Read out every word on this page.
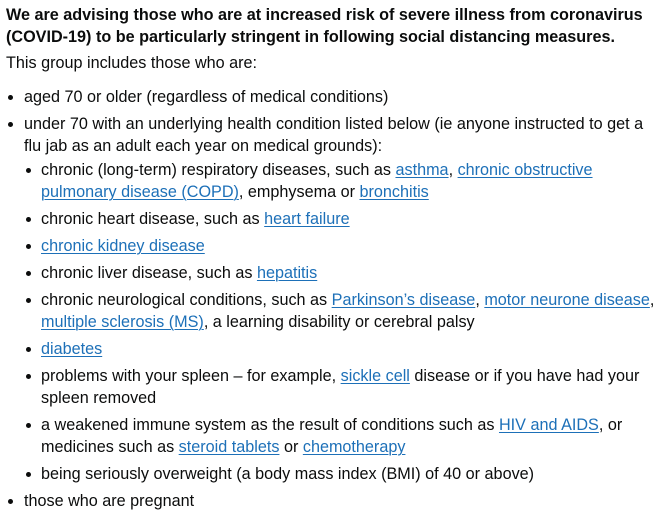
We are advising those who are at increased risk of severe illness from coronavirus (COVID-19) to be particularly stringent in following social distancing measures.

This group includes those who are:

aged 70 or older (regardless of medical conditions)
under 70 with an underlying health condition listed below (ie anyone instructed to get a flu jab as an adult each year on medical grounds):
chronic (long-term) respiratory diseases, such as asthma, chronic obstructive pulmonary disease (COPD), emphysema or bronchitis
chronic heart disease, such as heart failure
chronic kidney disease
chronic liver disease, such as hepatitis
chronic neurological conditions, such as Parkinson’s disease, motor neurone disease, multiple sclerosis (MS), a learning disability or cerebral palsy
diabetes
problems with your spleen – for example, sickle cell disease or if you have had your spleen removed
a weakened immune system as the result of conditions such as HIV and AIDS, or medicines such as steroid tablets or chemotherapy
being seriously overweight (a body mass index (BMI) of 40 or above)
those who are pregnant
